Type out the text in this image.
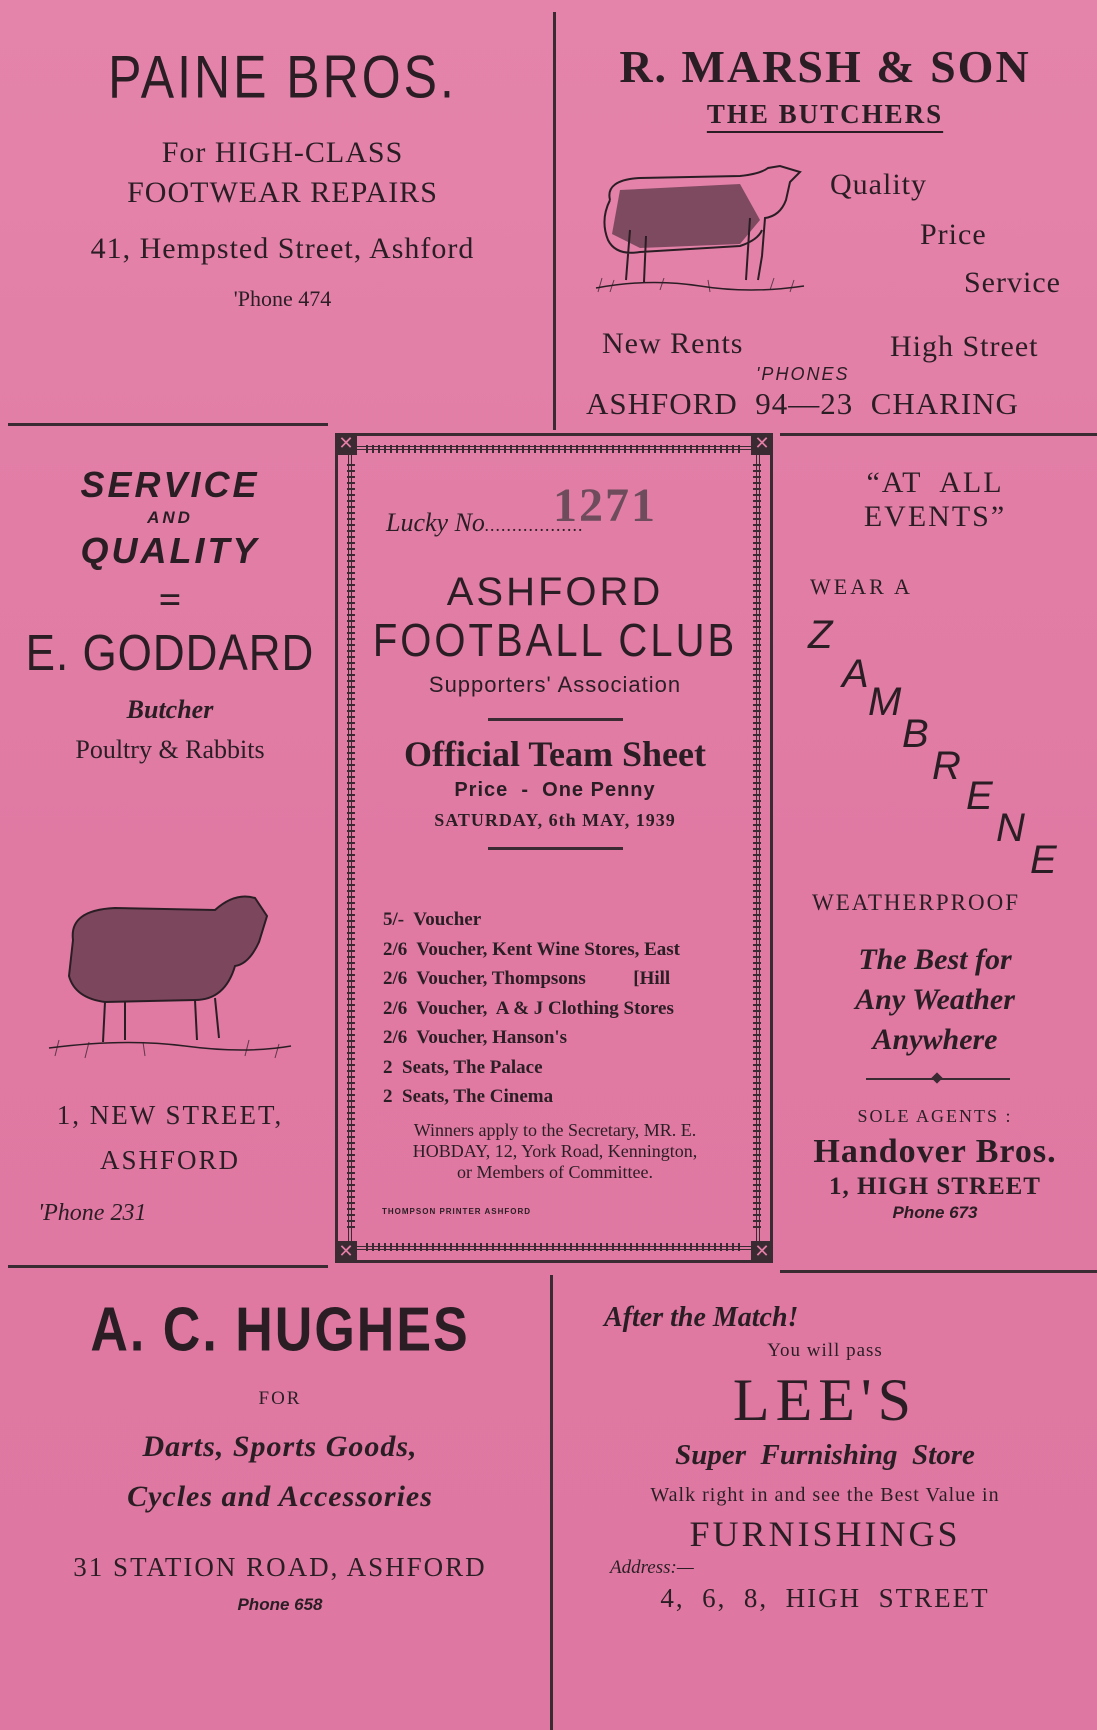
PAINE BROS.
For HIGH-CLASS
FOOTWEAR REPAIRS
41, Hempsted Street, Ashford
'Phone 474
R. MARSH & SON
THE BUTCHERS
Quality
Price
Service
New Rents	High Street
'PHONES
ASHFORD  94—23  CHARING
SERVICE
AND
QUALITY
=
E. GODDARD
Butcher
Poultry & Rabbits
1, NEW STREET,
ASHFORD
'Phone 231
✕	✕
✕	✕
Lucky No..................
1271
ASHFORD
FOOTBALL CLUB
Supporters' Association
Official Team Sheet
Price  -  One Penny
SATURDAY, 6th MAY, 1939
5/-  Voucher
2/6  Voucher, Kent Wine Stores, East
2/6  Voucher, Thompsons          [Hill
2/6  Voucher,  A & J Clothing Stores
2/6  Voucher, Hanson's
2  Seats, The Palace
2  Seats, The Cinema
Winners apply to the Secretary, MR. E.
HOBDAY, 12, York Road, Kennington,
or Members of Committee.
THOMPSON PRINTER ASHFORD
“AT  ALL
EVENTS”
WEAR A
Z
A
M
B
R
E
N
E
WEATHERPROOF
The Best for
Any Weather
Anywhere
SOLE AGENTS :
Handover Bros.
1, HIGH STREET
Phone 673
A. C. HUGHES
FOR
Darts, Sports Goods,
Cycles and Accessories
31 STATION ROAD, ASHFORD
Phone 658
After the Match!
You will pass
LEE'S
Super  Furnishing  Store
Walk right in and see the Best Value in
FURNISHINGS
Address:—
4,  6,  8,  HIGH  STREET
